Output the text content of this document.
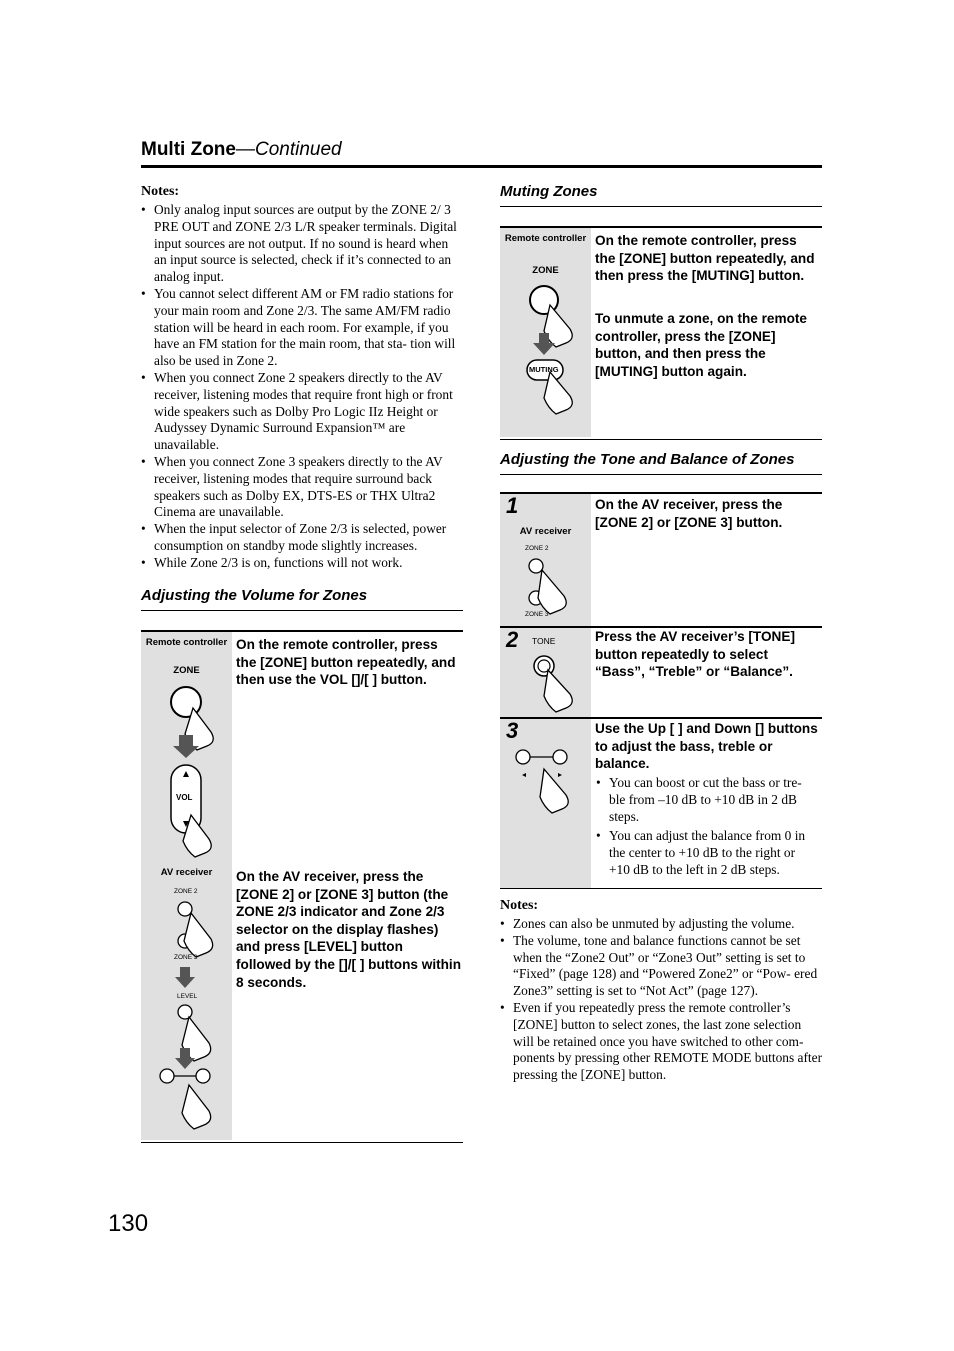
Multi Zone—Continued
Notes:
• Only analog input sources are output by the ZONE 2/ 3 PRE OUT and ZONE 2/3 L/R speaker terminals. Digital input sources are not output. If no sound is heard when an input source is selected, check if it’s connected to an analog input.
• You cannot select different AM or FM radio stations for your main room and Zone 2/3. The same AM/FM radio station will be heard in each room. For example, if you have an FM station for the main room, that sta- tion will also be used in Zone 2.
• When you connect Zone 2 speakers directly to the AV receiver, listening modes that require front high or front wide speakers such as Dolby Pro Logic IIz Height or Audyssey Dynamic Surround Expansion™ are unavailable.
• When you connect Zone 3 speakers directly to the AV receiver, listening modes that require surround back speakers such as Dolby EX, DTS-ES or THX Ultra2 Cinema are unavailable.
• When the input selector of Zone 2/3 is selected, power consumption on standby mode slightly increases.
• While Zone 2/3 is on, functions will not work.
Adjusting the Volume for Zones
Remote controller
ZONE
VOL
On the remote controller, press the [ZONE] button repeatedly, and then use the VOL []/[ ] button.
AV receiver
ZONE 2
ZONE 3
LEVEL
On the AV receiver, press the [ZONE 2] or [ZONE 3] button (the ZONE 2/3 indicator and Zone 2/3 selector on the display flashes) and press [LEVEL] button followed by the []/[ ] buttons within 8 seconds.
Muting Zones
Remote controller
ZONE
MUTING
On the remote controller, press the [ZONE] button repeatedly, and then press the [MUTING] button.
To unmute a zone, on the remote controller, press the [ZONE] button, and then press the [MUTING] button again.
Adjusting the Tone and Balance of Zones
1
AV receiver
ZONE 2
ZONE 3
On the AV receiver, press the [ZONE 2] or [ZONE 3] button.
2 TONE	Press the AV receiver’s [TONE] button repeatedly to select “Bass”, “Treble” or “Balance”.
3	Use the Up [ ] and Down [] buttons to adjust the bass, treble or balance.
• You can boost or cut the bass or tre- ble from –10 dB to +10 dB in 2 dB steps.
• You can adjust the balance from 0 in the center to +10 dB to the right or +10 dB to the left in 2 dB steps.
Notes:
• Zones can also be unmuted by adjusting the volume.
• The volume, tone and balance functions cannot be set when the “Zone2 Out” or “Zone3 Out” setting is set to “Fixed” (page 128) and “Powered Zone2” or “Pow- ered Zone3” setting is set to “Not Act” (page 127).
• Even if you repeatedly press the remote controller’s [ZONE] button to select zones, the last zone selection will be retained once you have switched to other com- ponents by pressing other REMOTE MODE buttons after pressing the [ZONE] button.
130
